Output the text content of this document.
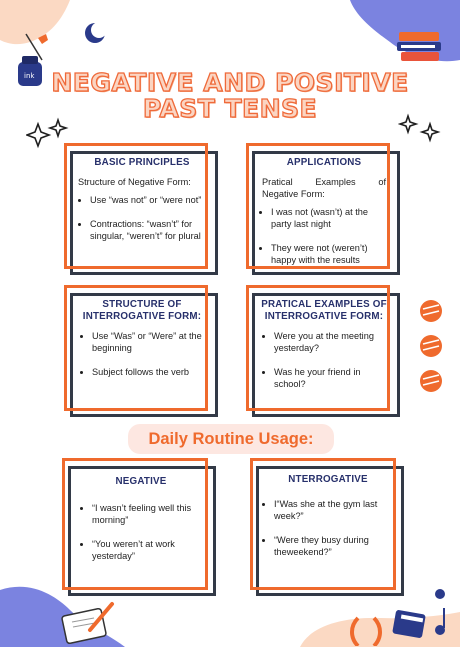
ink NEGATIVE AND POSITIVE
PAST TENSE
BASIC PRINCIPLES

Structure of Negative Form:

• Use “was not” or “were not”
• Contractions: “wasn’t” for singular, “weren’t” for plural
APPLICATIONS
Pratical Examples of
Negative Form:
• I was not (wasn’t) at the party last night
• They were not (weren’t) happy with the results
STRUCTURE OF
INTERROGATIVE FORM:
• Use “Was” or “Were” at the beginning
• Subject follows the verb
PRATICAL EXAMPLES OF
INTERROGATIVE FORM:
• Were you at the meeting yesterday?
• Was he your friend in school?
Daily Routine Usage:
NEGATIVE
• “I wasn’t feeling well this morning”
• “You weren’t at work yesterday”
NTERROGATIVE
• I“Was she at the gym last week?”
• “Were they busy during theweekend?”
